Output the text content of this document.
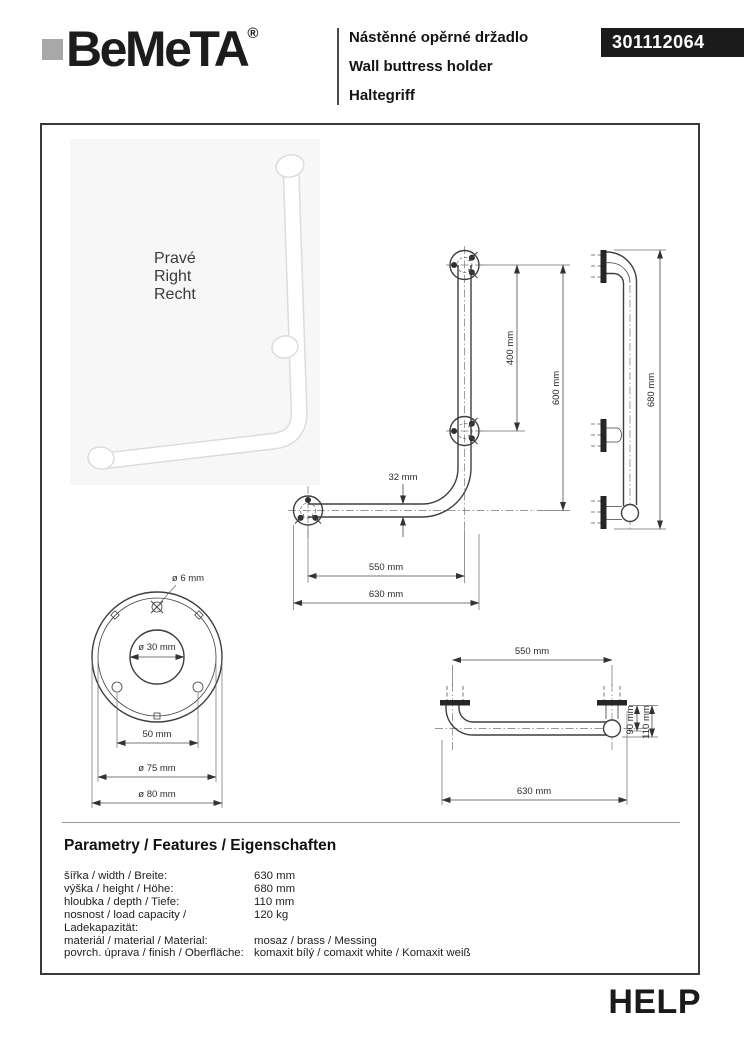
BeMeTA®	Nástěnné opěrné držadlo
Wall buttress holder
Haltegriff
301112064
Pravé
Right
Recht
400 mm
600 mm
32 mm
550 mm
630 mm
680 mm
ø 6 mm
ø 30 mm
50 mm
ø 75 mm
ø 80 mm
550 mm
630 mm
90 mm 110 mm
Parametry / Features / Eigenschaften
šířka / width / Breite:	630 mm
výška / height / Höhe:	680 mm
hloubka / depth / Tiefe:	110 mm
nosnost / load capacity / Ladekapazität:
120 kg
materiál / material / Material:	mosaz / brass / Messing
povrch. úprava / finish / Oberfläche: komaxit bílý / comaxit white / Komaxit weiß
HELP
